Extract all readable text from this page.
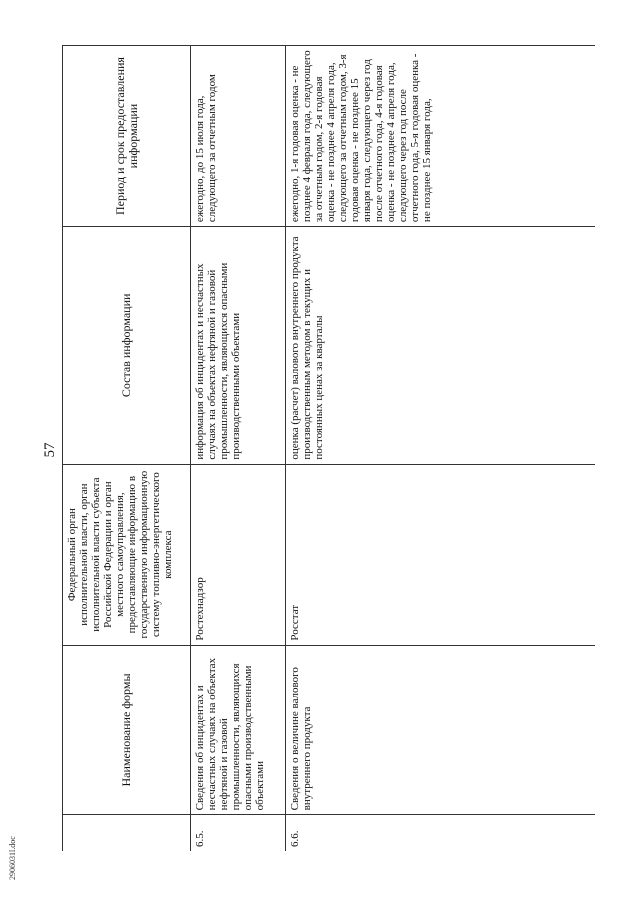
2906031l.doc
57
	Наименование формы	Федеральный орган исполнительной власти, орган исполнительной власти субъекта Российской Федерации и орган местного самоуправления, предоставляющие информацию в государственную информационную систему топливно-энергетического комплекса	Состав информации	Период и срок предоставления информации
6.5.	Сведения об инцидентах и несчастных случаях на объектах нефтяной и газовой промышленности, являющихся опасными производственными объектами	Ростехнадзор	информация об инцидентах и несчастных случаях на объектах нефтяной и газовой промышленности, являющихся опасными производственными объектами	ежегодно, до 15 июля года, следующего за отчетным годом
6.6.	Сведения о величине валового внутреннего продукта	Росстат	оценка (расчет) валового внутреннего продукта производственным методом в текущих и постоянных ценах за кварталы	ежегодно, 1-я годовая оценка - не позднее 4 февраля года, следующего за отчетным годом, 2-я годовая оценка - не позднее 4 апреля года, следующего за отчетным годом, 3-я годовая оценка - не позднее 15 января года, следующего через год после отчетного года, 4-я годовая оценка - не позднее 4 апреля года, следующего через год после отчетного года, 5-я годовая оценка - не позднее 15 января года,
